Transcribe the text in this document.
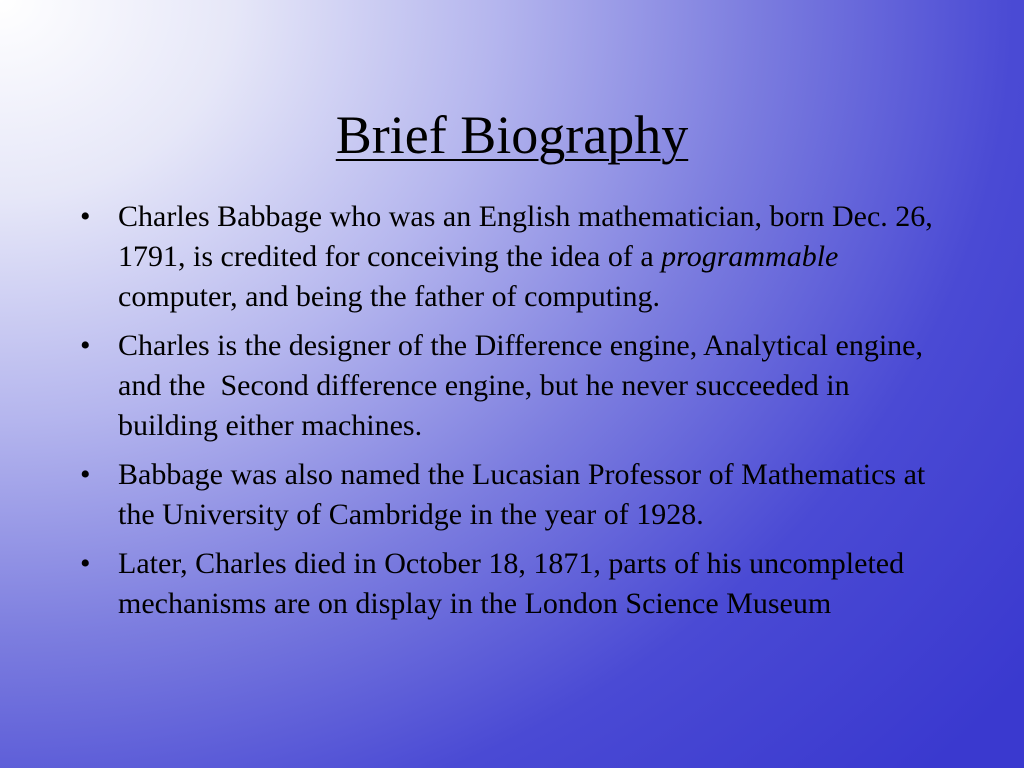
Brief Biography
• Charles Babbage who was an English mathematician, born Dec. 26, 1791, is credited for conceiving the idea of a programmable computer, and being the father of computing.
• Charles is the designer of the Difference engine, Analytical engine, and the  Second difference engine, but he never succeeded in building either machines.
• Babbage was also named the Lucasian Professor of Mathematics at the University of Cambridge in the year of 1928.
• Later, Charles died in October 18, 1871, parts of his uncompleted mechanisms are on display in the London Science Museum
